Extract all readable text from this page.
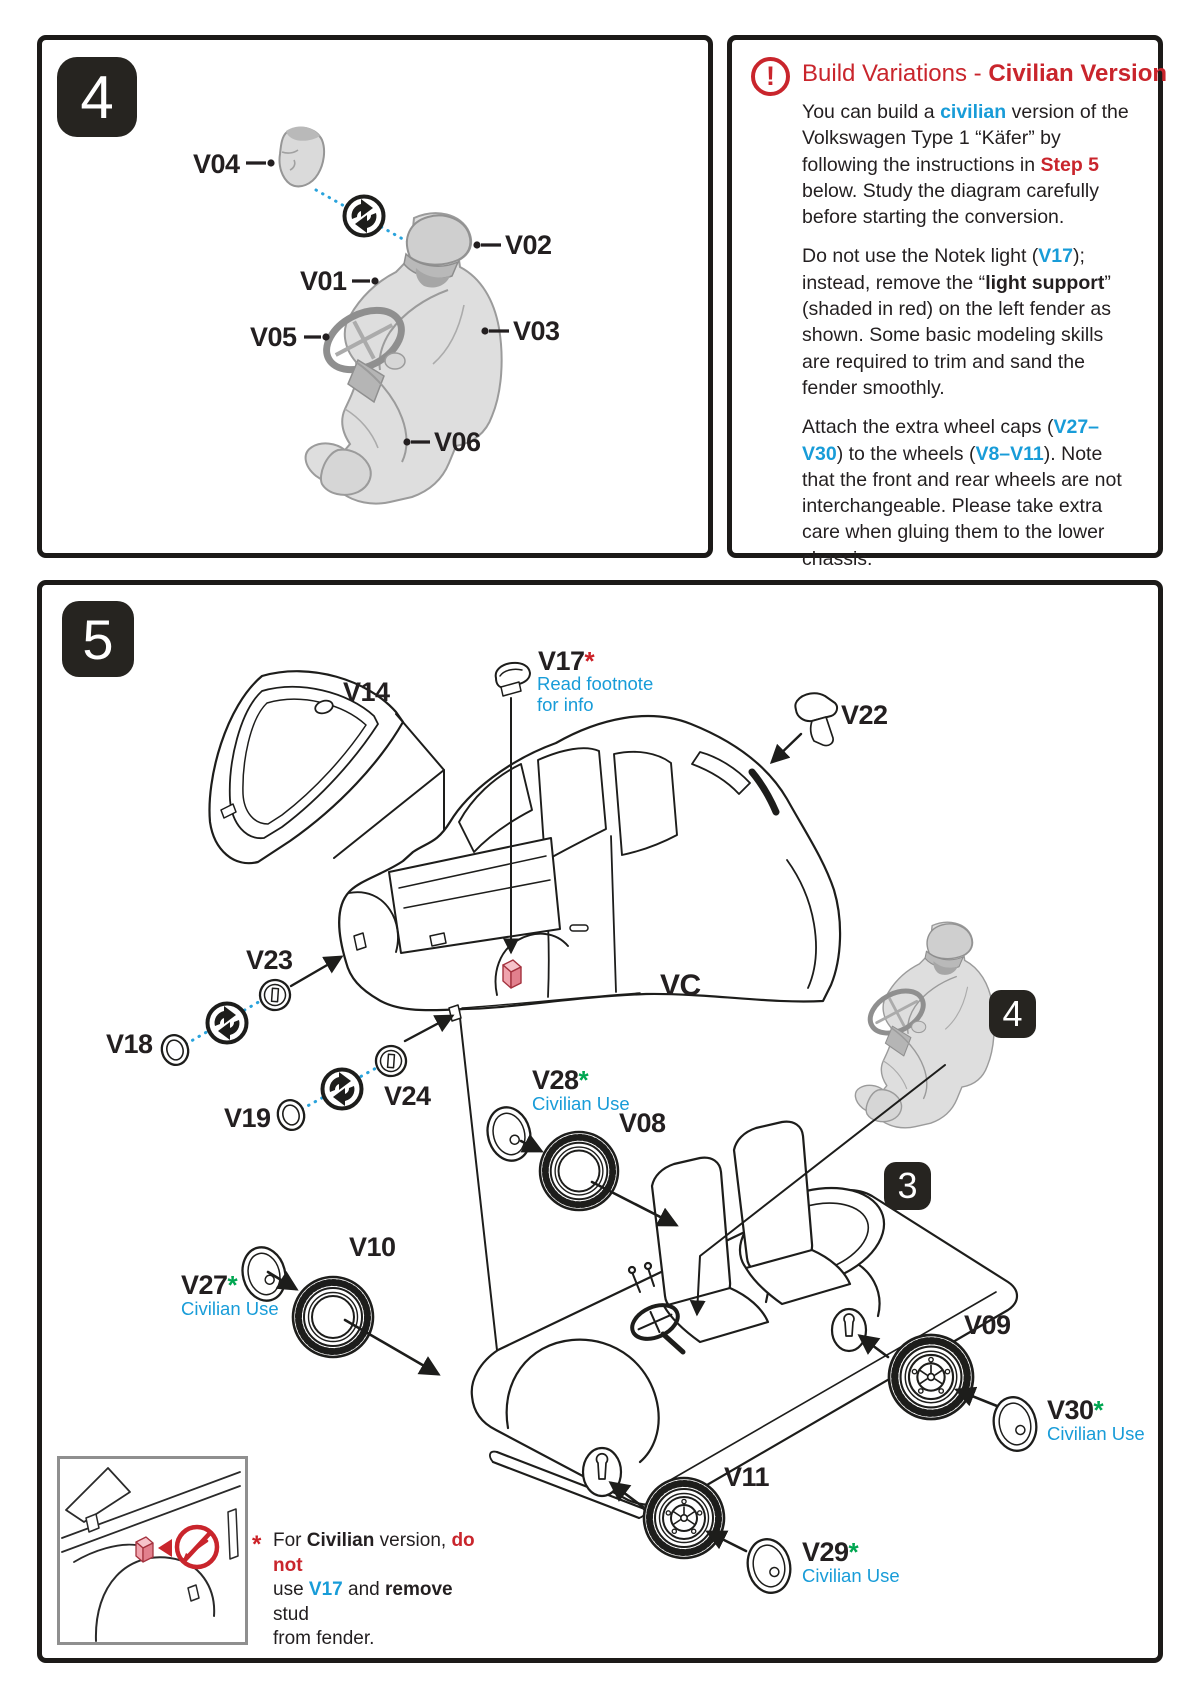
4
5
4
3
V04
V02
V01
V05	V03
V06
! Build Variations - Civilian Version

You can build a civilian version of the Volkswagen Type 1 “Käfer” by following the instructions in Step 5 below. Study the diagram carefully before starting the conversion.

Do not use the Notek light (V17); instead, remove the “light support” (shaded in red) on the left fender as shown. Some basic modeling skills are required to trim and sand the fender smoothly.

Attach the extra wheel caps (V27–V30) to the wheels (V8–V11). Note that the front and rear wheels are not interchangeable. Please take extra care when gluing them to the lower chassis.

V14
V17*
Read footnote
for info	V22
VC
V23
V18
V19
V24
V28*
Civilian Use
V08
V27*
Civilian Use
V10
V09
V30*
Civilian Use
V11
V29*
Civilian Use
* For Civilian version, do not
use V17 and remove stud
from fender.
